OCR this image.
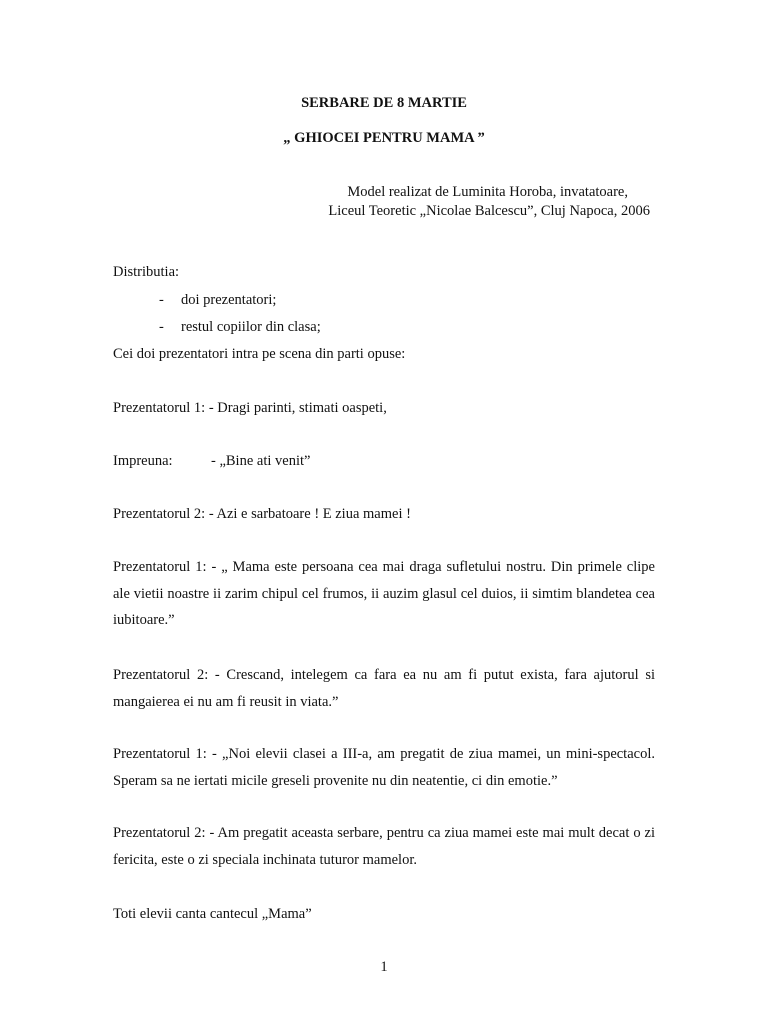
SERBARE DE 8 MARTIE
„ GHIOCEI PENTRU MAMA ”
Model realizat de Luminita Horoba, invatatoare,
Liceul Teoretic „Nicolae Balcescu”, Cluj Napoca, 2006
Distributia:
- doi prezentatori;
- restul copiilor din clasa;
Cei doi prezentatori intra pe scena din parti opuse:
Prezentatorul 1: - Dragi parinti, stimati oaspeti,
Impreuna:	- „Bine ati venit”
Prezentatorul 2: - Azi e sarbatoare ! E ziua mamei !
Prezentatorul 1: - „ Mama este persoana cea mai draga sufletului nostru. Din primele clipe ale vietii noastre ii zarim chipul cel frumos, ii auzim glasul cel duios, ii simtim blandetea cea iubitoare.”
Prezentatorul 2: - Crescand, intelegem ca fara ea nu am fi putut exista, fara ajutorul si mangaierea ei nu am fi reusit in viata.”
Prezentatorul 1: - „Noi elevii clasei a III-a, am pregatit de ziua mamei, un mini-spectacol. Speram sa ne iertati micile greseli provenite nu din neatentie, ci din emotie.”
Prezentatorul 2: - Am pregatit aceasta serbare, pentru ca ziua mamei este mai mult decat o zi fericita, este o zi speciala inchinata tuturor mamelor.
Toti elevii canta cantecul „Mama”
1
